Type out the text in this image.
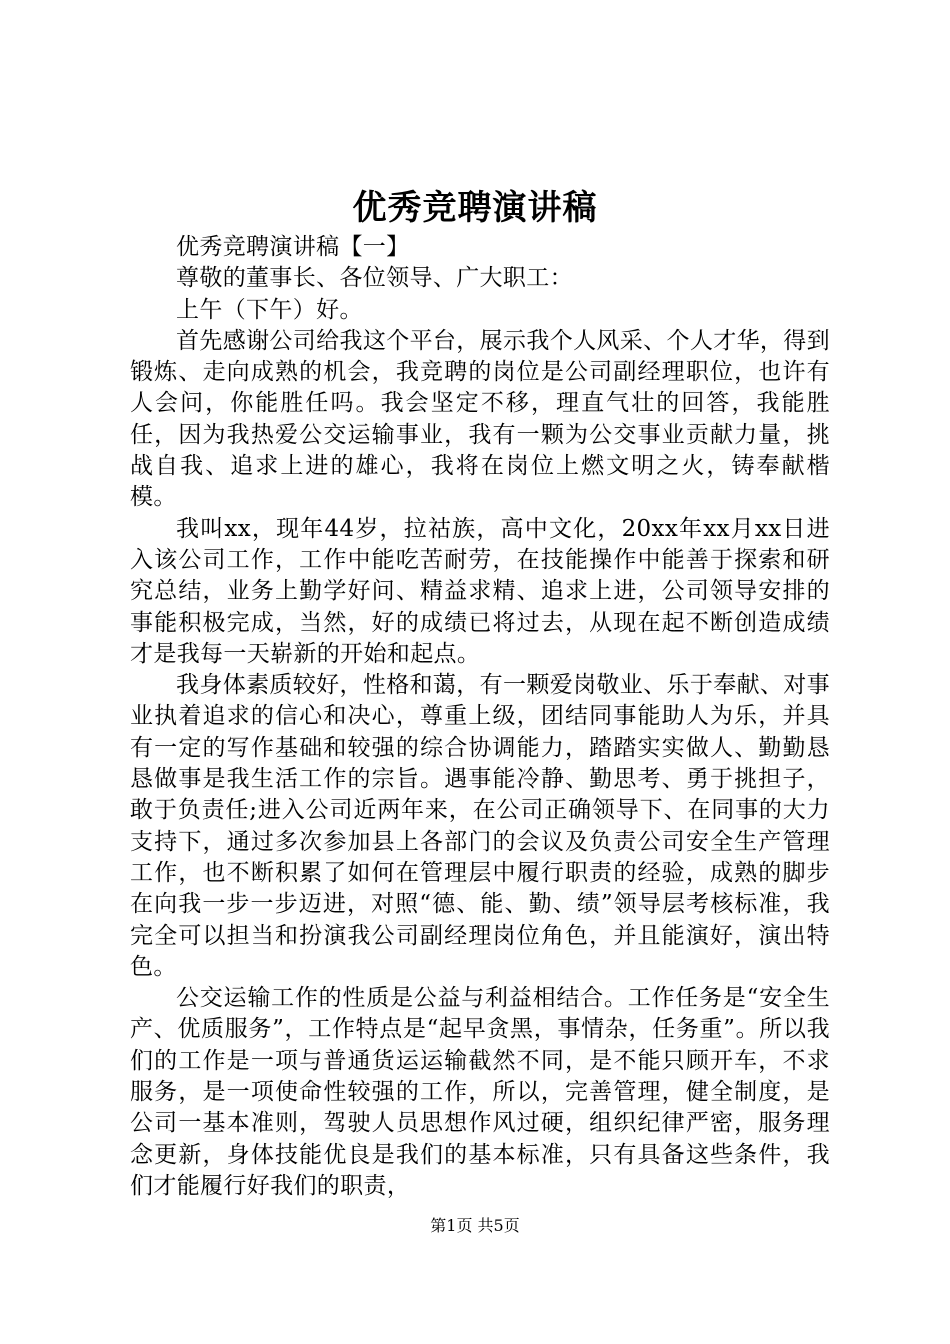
优秀竞聘演讲稿

优秀竞聘演讲稿【一】

尊敬的董事长、各位领导、广大职工：

上午（下午）好。

首先感谢公司给我这个平台，展示我个人风采、个人才华，得到锻炼、走向成熟的机会，我竞聘的岗位是公司副经理职位，也许有人会问，你能胜任吗。我会坚定不移，理直气壮的回答，我能胜任，因为我热爱公交运输事业，我有一颗为公交事业贡献力量，挑战自我、追求上进的雄心，我将在岗位上燃文明之火，铸奉献楷模。

我叫xx，现年44岁，拉祜族，高中文化，20xx年xx月xx日进入该公司工作，工作中能吃苦耐劳，在技能操作中能善于探索和研究总结，业务上勤学好问、精益求精、追求上进，公司领导安排的事能积极完成，当然，好的成绩已将过去，从现在起不断创造成绩才是我每一天崭新的开始和起点。

我身体素质较好，性格和蔼，有一颗爱岗敬业、乐于奉献、对事业执着追求的信心和决心，尊重上级，团结同事能助人为乐，并具有一定的写作基础和较强的综合协调能力，踏踏实实做人、勤勤恳恳做事是我生活工作的宗旨。遇事能冷静、勤思考、勇于挑担子，敢于负责任;进入公司近两年来，在公司正确领导下、在同事的大力支持下，通过多次参加县上各部门的会议及负责公司安全生产管理工作，也不断积累了如何在管理层中履行职责的经验，成熟的脚步在向我一步一步迈进，对照“德、能、勤、绩”领导层考核标准，我完全可以担当和扮演我公司副经理岗位角色，并且能演好，演出特色。

公交运输工作的性质是公益与利益相结合。工作任务是“安全生产、优质服务”，工作特点是“起早贪黑，事情杂，任务重”。所以我们的工作是一项与普通货运运输截然不同，是不能只顾开车，不求服务，是一项使命性较强的工作，所以，完善管理，健全制度，是公司一基本准则，驾驶人员思想作风过硬，组织纪律严密，服务理念更新，身体技能优良是我们的基本标准，只有具备这些条件，我们才能履行好我们的职责，

第1页 共5页
